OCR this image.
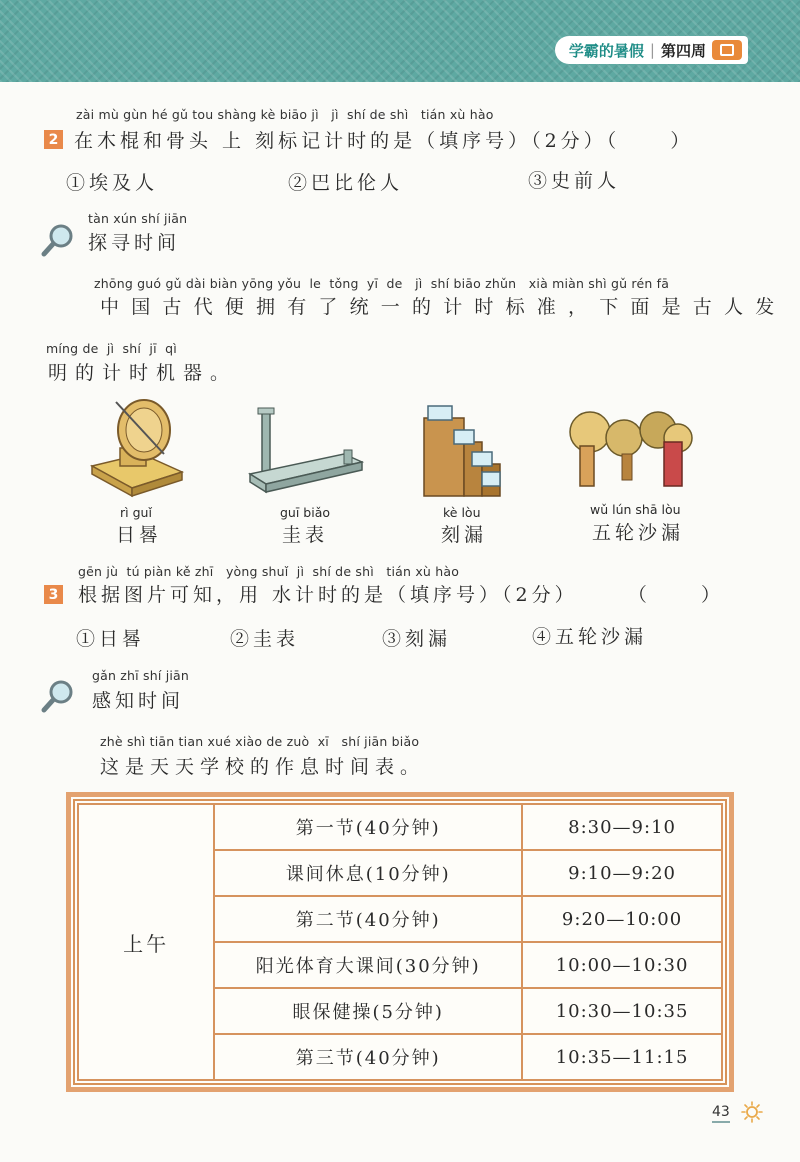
学霸的暑假 | 第四周
zài mù gùn hé gǔ tou shàng kè biāo jì   jì  shí de shì   tián xù hào
2 在木棍和骨头 上 刻标记计时的是（填序号）（2分）（     ）
①埃及人	②巴比伦人	③史前人
tàn xún shí jiān
探寻时间
zhōng guó gǔ dài biàn yōng yǒu  le  tǒng  yī  de   jì  shí biāo zhǔn   xià miàn shì gǔ rén fā
中国古代便拥有了统一的计时标准，下面是古人发
míng de  jì  shí  jī  qì
明的计时机器。
rì guǐ
日晷
guī biǎo
圭表
kè lòu
刻漏
wǔ lún shā lòu
五轮沙漏
gēn jù  tú piàn kě zhī   yòng shuǐ  jì  shí de shì   tián xù hào
3 根据图片可知，用 水计时的是（填序号）（2分）     （     ）
①日晷	②圭表	③刻漏	④五轮沙漏
gǎn zhī shí jiān
感知时间
zhè shì tiān tian xué xiào de zuò  xī   shí jiān biǎo
这是天天学校的作息时间表。
上午	第一节(40分钟)	8:30—9:10
	课间休息(10分钟)	9:10—9:20
	第二节(40分钟)	9:20—10:00
	阳光体育大课间(30分钟)	10:00—10:30
	眼保健操(5分钟)	10:30—10:35
	第三节(40分钟)	10:35—11:15
43
